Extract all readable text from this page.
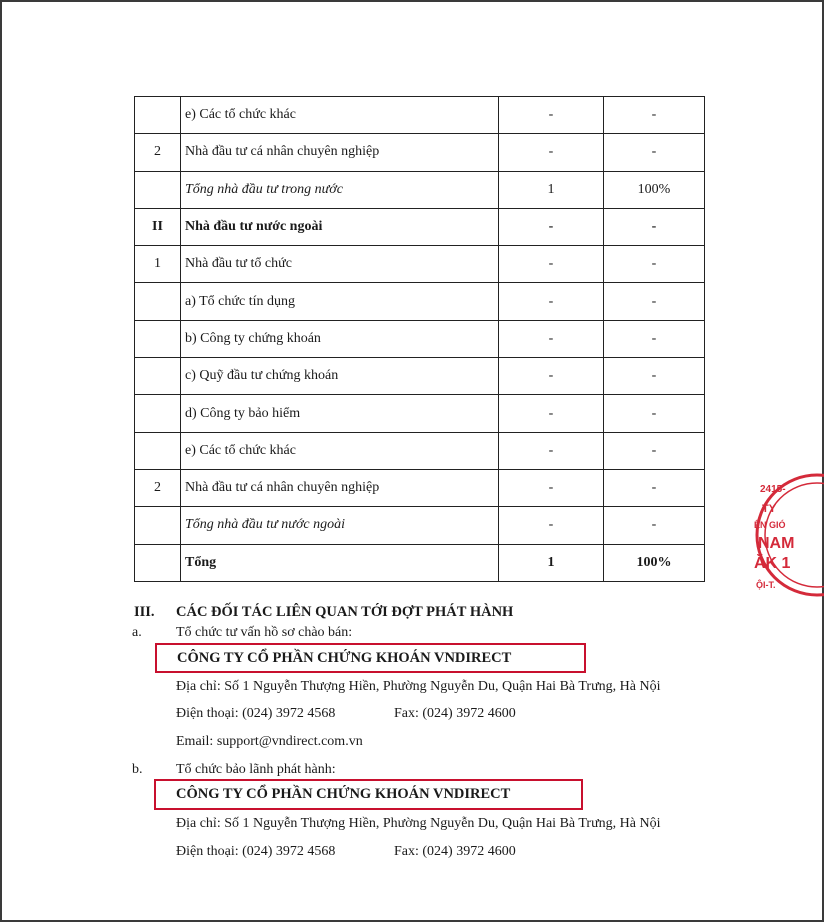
	e) Các tổ chức khác	-	-
2	Nhà đầu tư cá nhân chuyên nghiệp	-	-
	Tổng nhà đầu tư trong nước	1	100%
II	Nhà đầu tư nước ngoài	-	-
1	Nhà đầu tư tổ chức	-	-
	a) Tổ chức tín dụng	-	-
	b) Công ty chứng khoán	-	-
	c) Quỹ đầu tư chứng khoán	-	-
	d) Công ty bảo hiểm	-	-
	e) Các tổ chức khác	-	-
2	Nhà đầu tư cá nhân chuyên nghiệp	-	-
	Tổng nhà đầu tư nước ngoài	-	-
	Tổng	1	100%
III. CÁC ĐỐI TÁC LIÊN QUAN TỚI ĐỢT PHÁT HÀNH
a. Tổ chức tư vấn hồ sơ chào bán:
CÔNG TY CỔ PHẦN CHỨNG KHOÁN VNDIRECT
Địa chỉ: Số 1 Nguyễn Thượng Hiền, Phường Nguyễn Du, Quận Hai Bà Trưng, Hà Nội
Điện thoại: (024) 3972 4568	Fax: (024) 3972 4600
Email: support@vndirect.com.vn
b. Tổ chức bảo lãnh phát hành:
CÔNG TY CỔ PHẦN CHỨNG KHOÁN VNDIRECT
Địa chỉ: Số 1 Nguyễn Thượng Hiền, Phường Nguyễn Du, Quận Hai Bà Trưng, Hà Nội
Điện thoại: (024) 3972 4568	Fax: (024) 3972 4600
2415-
TY
ỆN GIÓ
NAM
ĂK 1
ỘI-T.
